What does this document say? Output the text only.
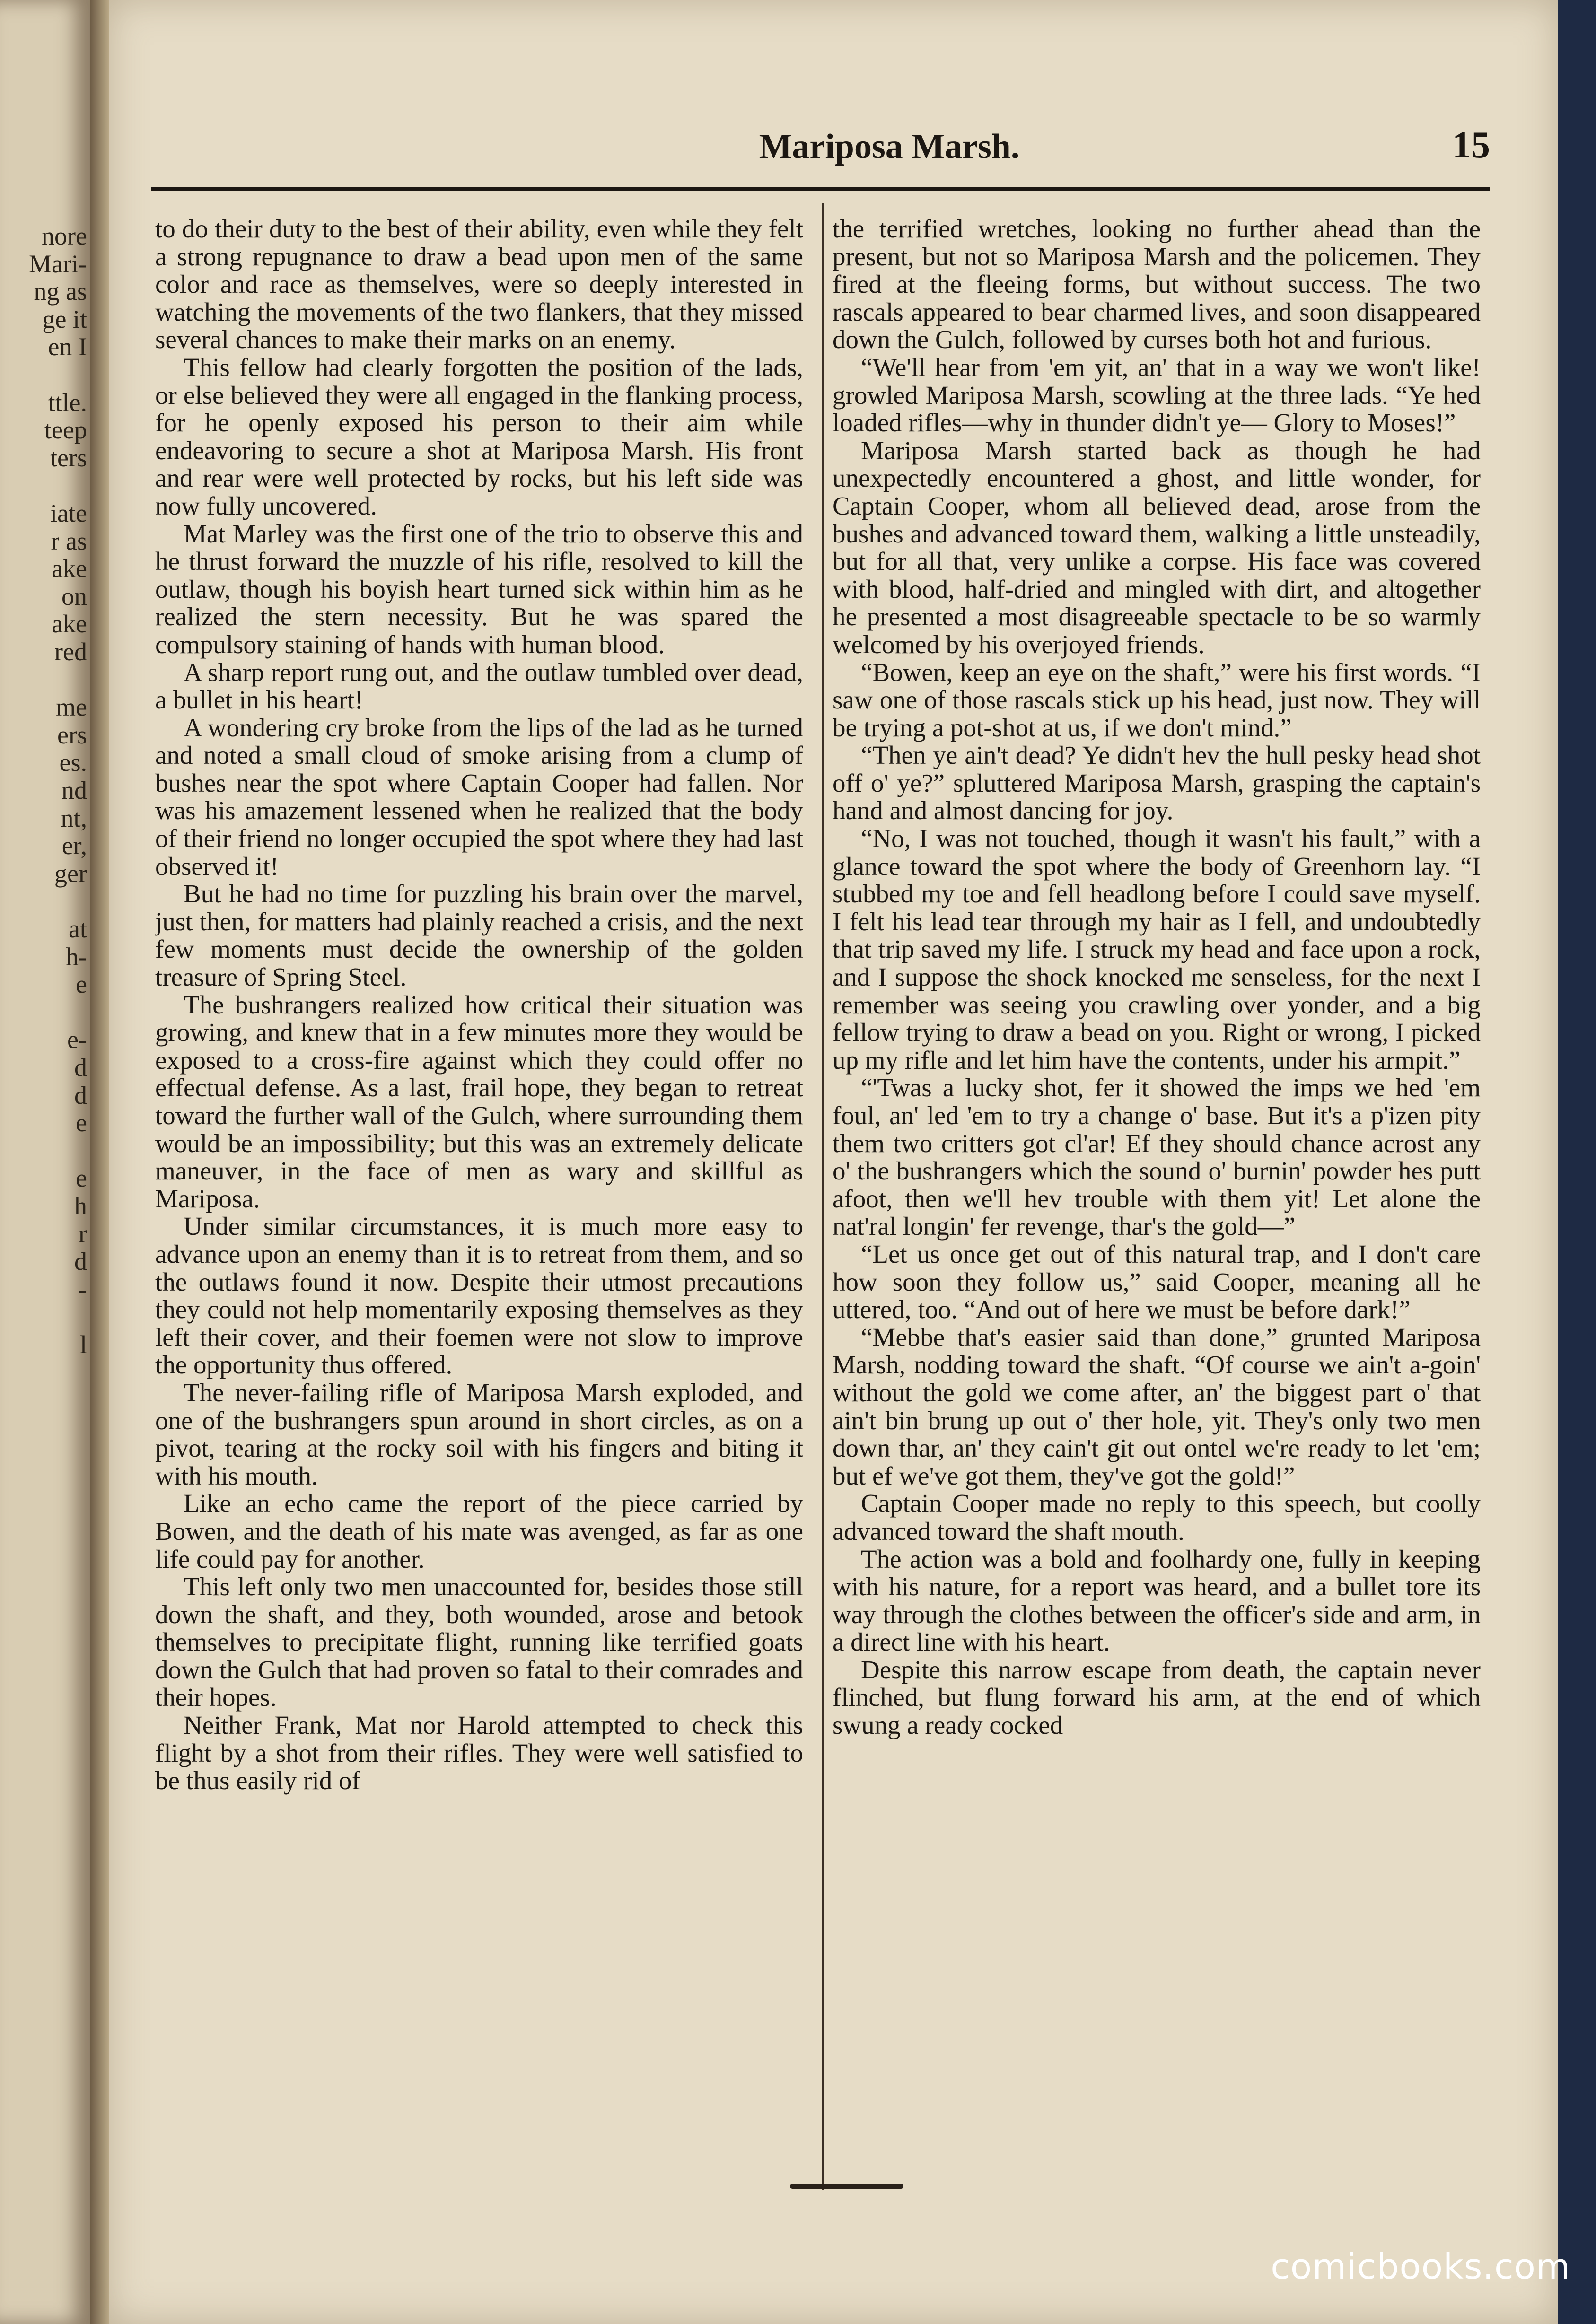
nore
Mari-
ng as
ge it
en I
ttle.
teep
ters
iate
r as
ake
on
ake
red
me
ers
es.
nd
nt,
er,
ger
at
h-
e
e-
d
d
e
e
h
r
d
-
l
Mariposa Marsh.	15

to do their duty to the best of their ability, even while they felt a strong repugnance to draw a bead upon men of the same color and race as themselves, were so deeply interested in watching the movements of the two flankers, that they missed several chances to make their marks on an enemy.

This fellow had clearly forgotten the position of the lads, or else believed they were all engaged in the flanking process, for he openly exposed his person to their aim while endeavoring to secure a shot at Mariposa Marsh. His front and rear were well protected by rocks, but his left side was now fully uncovered.

Mat Marley was the first one of the trio to observe this and he thrust forward the muzzle of his rifle, resolved to kill the outlaw, though his boyish heart turned sick within him as he realized the stern necessity. But he was spared the compulsory staining of hands with human blood.

A sharp report rung out, and the outlaw tumbled over dead, a bullet in his heart!

A wondering cry broke from the lips of the lad as he turned and noted a small cloud of smoke arising from a clump of bushes near the spot where Captain Cooper had fallen. Nor was his amazement lessened when he realized that the body of their friend no longer occupied the spot where they had last observed it!

But he had no time for puzzling his brain over the marvel, just then, for matters had plainly reached a crisis, and the next few moments must decide the ownership of the golden treasure of Spring Steel.

The bushrangers realized how critical their situation was growing, and knew that in a few minutes more they would be exposed to a cross-fire against which they could offer no effectual defense. As a last, frail hope, they began to retreat toward the further wall of the Gulch, where surrounding them would be an impossibility; but this was an extremely delicate maneuver, in the face of men as wary and skillful as Mariposa.

Under similar circumstances, it is much more easy to advance upon an enemy than it is to retreat from them, and so the outlaws found it now. Despite their utmost precautions they could not help momentarily exposing themselves as they left their cover, and their foemen were not slow to improve the opportunity thus offered.

The never-failing rifle of Mariposa Marsh exploded, and one of the bushrangers spun around in short circles, as on a pivot, tearing at the rocky soil with his fingers and biting it with his mouth.

Like an echo came the report of the piece carried by Bowen, and the death of his mate was avenged, as far as one life could pay for another.

This left only two men unaccounted for, besides those still down the shaft, and they, both wounded, arose and betook themselves to precipitate flight, running like terrified goats down the Gulch that had proven so fatal to their comrades and their hopes.

Neither Frank, Mat nor Harold attempted to check this flight by a shot from their rifles. They were well satisfied to be thus easily rid of

the terrified wretches, looking no further ahead than the present, but not so Mariposa Marsh and the policemen. They fired at the fleeing forms, but without success. The two rascals appeared to bear charmed lives, and soon disappeared down the Gulch, followed by curses both hot and furious.

“We'll hear from 'em yit, an' that in a way we won't like! growled Mariposa Marsh, scowling at the three lads. “Ye hed loaded rifles—why in thunder didn't ye— Glory to Moses!”

Mariposa Marsh started back as though he had unexpectedly encountered a ghost, and little wonder, for Captain Cooper, whom all believed dead, arose from the bushes and advanced toward them, walking a little unsteadily, but for all that, very unlike a corpse. His face was covered with blood, half-dried and mingled with dirt, and altogether he presented a most disagreeable spectacle to be so warmly welcomed by his overjoyed friends.

“Bowen, keep an eye on the shaft,” were his first words. “I saw one of those rascals stick up his head, just now. They will be trying a pot-shot at us, if we don't mind.”

“Then ye ain't dead? Ye didn't hev the hull pesky head shot off o' ye?” spluttered Mariposa Marsh, grasping the captain's hand and almost dancing for joy.

“No, I was not touched, though it wasn't his fault,” with a glance toward the spot where the body of Greenhorn lay. “I stubbed my toe and fell headlong before I could save myself. I felt his lead tear through my hair as I fell, and undoubtedly that trip saved my life. I struck my head and face upon a rock, and I suppose the shock knocked me senseless, for the next I remember was seeing you crawling over yonder, and a big fellow trying to draw a bead on you. Right or wrong, I picked up my rifle and let him have the contents, under his armpit.”

“'Twas a lucky shot, fer it showed the imps we hed 'em foul, an' led 'em to try a change o' base. But it's a p'izen pity them two critters got cl'ar! Ef they should chance acrost any o' the bushrangers which the sound o' burnin' powder hes putt afoot, then we'll hev trouble with them yit! Let alone the nat'ral longin' fer revenge, thar's the gold—”

“Let us once get out of this natural trap, and I don't care how soon they follow us,” said Cooper, meaning all he uttered, too. “And out of here we must be before dark!”

“Mebbe that's easier said than done,” grunted Mariposa Marsh, nodding toward the shaft. “Of course we ain't a-goin' without the gold we come after, an' the biggest part o' that ain't bin brung up out o' ther hole, yit. They's only two men down thar, an' they cain't git out ontel we're ready to let 'em; but ef we've got them, they've got the gold!”

Captain Cooper made no reply to this speech, but coolly advanced toward the shaft mouth.

The action was a bold and foolhardy one, fully in keeping with his nature, for a report was heard, and a bullet tore its way through the clothes between the officer's side and arm, in a direct line with his heart.

Despite this narrow escape from death, the captain never flinched, but flung forward his arm, at the end of which swung a ready cocked

comicbooks.com
